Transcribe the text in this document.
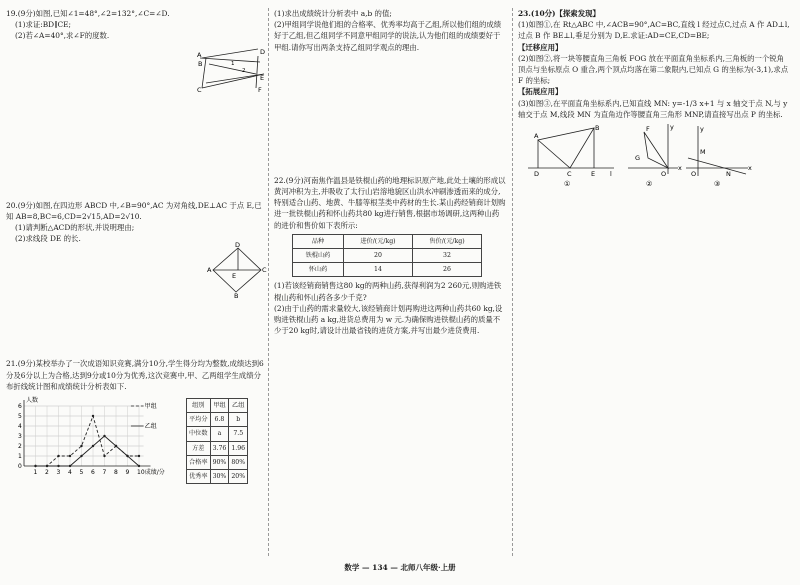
19.(9分)如图,已知∠1=48°,∠2=132°,∠C=∠D.

(1)求证:BD∥CE;

(2)若∠A=40°,求∠F的度数.

A
B
C
D
E
F
1
2

20.(9分)如图,在四边形 ABCD 中,∠B=90°,AC 为对角线,DE⊥AC 于点 E,已知 AB=8,BC=6,CD=2√15,AD=2√10.

(1)请判断△ACD的形状,并说明理由;

(2)求线段 DE 的长.

A
D
C
B
E

21.(9分)某校举办了一次成语知识竞赛,满分10分,学生得分均为整数,成绩达到6分及6分以上为合格,达到9分或10分为优秀,这次竞赛中,甲、乙两组学生成绩分布折线统计图和成绩统计分析表如下.

0
1
2
3
4
5
6
1 2 3 4 5 6 7 8 9 10
人数
成绩/分
甲组
乙组
组别	甲组	乙组
平均分	6.8	b
中位数	a	7.5
方差	3.76	1.96
合格率	90%	80%
优秀率	30%	20%

(1)求出成绩统计分析表中 a,b 的值;

(2)甲组同学说他们组的合格率、优秀率均高于乙组,所以他们组的成绩好于乙组,但乙组同学不同意甲组同学的说法,认为他们组的成绩要好于甲组.请你写出两条支持乙组同学观点的理由.

22.(9分)河南焦作温县是铁棍山药的地理标识原产地,此处土壤的形成以黄河冲积为主,并吸收了太行山岩溶地貌区山洪水冲刷渗透而来的成分,特别适合山药、地黄、牛膝等根茎类中药材的生长.某山药经销商计划购进一批铁棍山药和怀山药共80 kg进行销售,根据市场调研,这两种山药的进价和售价如下表所示:

品种	进价/(元/kg)	售价/(元/kg)
铁棍山药	20	32
怀山药	14	26

(1)若该经销商销售这80 kg的两种山药,获得利润为2 260元,则购进铁棍山药和怀山药各多少千克?

(2)由于山药的需求量较大,该经销商计划再购进这两种山药共60 kg,设购进铁棍山药 a kg,进货总费用为 w 元.为确保购进铁棍山药的质量不少于20 kg时,请设计出最省钱的进货方案,并写出最少进货费用.

23.(10分)【探索发现】

(1)如图①,在 Rt△ABC 中,∠ACB=90°,AC=BC,直线 l 经过点C,过点 A 作 AD⊥l,过点 B 作 BE⊥l,垂足分别为 D,E.求证:AD=CE,CD=BE;

【迁移应用】

(2)如图②,将一块等腰直角三角板 FOG 放在平面直角坐标系内,三角板的一个锐角顶点与坐标原点 O 重合,两个顶点均落在第二象限内,已知点 G 的坐标为(-3,1),求点 F 的坐标;

【拓展应用】

(3)如图③,在平面直角坐标系内,已知直线 MN: y=-1/3 x+1 与 x 轴交于点 N,与 y 轴交于点 M,线段 MN 为直角边作等腰直角三角形 MNP,请直接写出点 P 的坐标.

A
B
C
D	E l
①
G
F
O
x
y
②
M
N
O
x
y
③
数学 — 134 — 北师八年级·上册
